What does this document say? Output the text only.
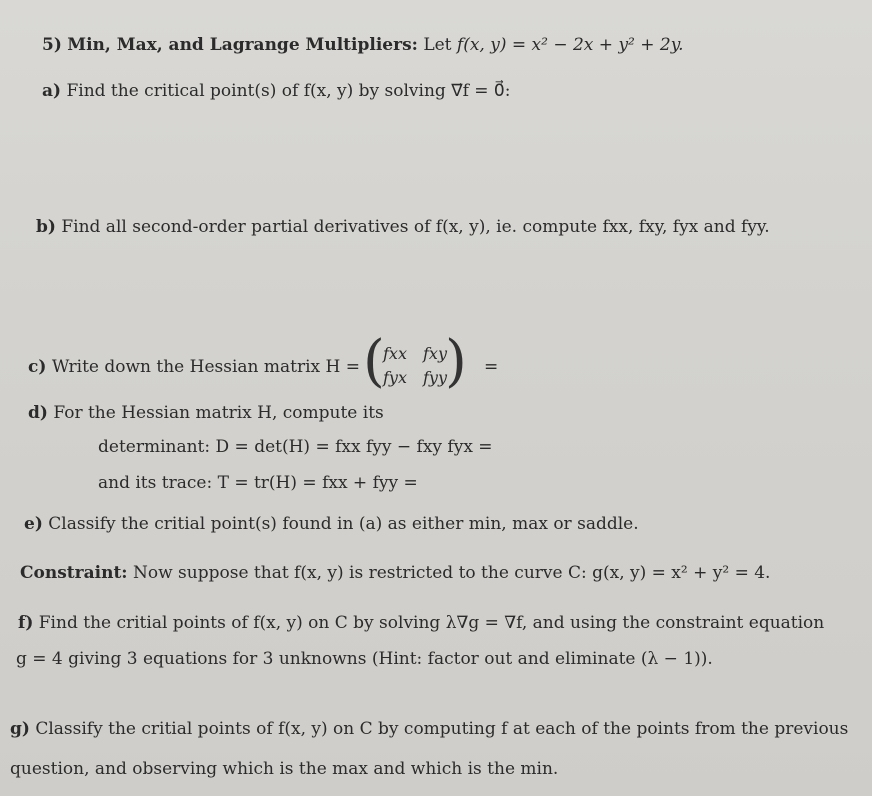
5) Min, Max, and Lagrange Multipliers: Let f(x, y) = x² − 2x + y² + 2y.
a) Find the critical point(s) of f(x, y) by solving ∇⃗f = 0⃗:
b) Find all second-order partial derivatives of f(x, y), ie. compute fxx, fxy, fyx and fyy.
c) Write down the Hessian matrix H = (
fxx fxy
fyx fyy
) =
d) For the Hessian matrix H, compute its
determinant: D = det(H) = fxx fyy − fxy fyx =
and its trace: T = tr(H) = fxx + fyy =
e) Classify the critial point(s) found in (a) as either min, max or saddle.
Constraint: Now suppose that f(x, y) is restricted to the curve C: g(x, y) = x² + y² = 4.
f) Find the critial points of f(x, y) on C by solving λ∇g = ∇f, and using the constraint equation
g = 4 giving 3 equations for 3 unknowns (Hint: factor out and eliminate (λ − 1)).
g) Classify the critial points of f(x, y) on C by computing f at each of the points from the previous
question, and observing which is the max and which is the min.
